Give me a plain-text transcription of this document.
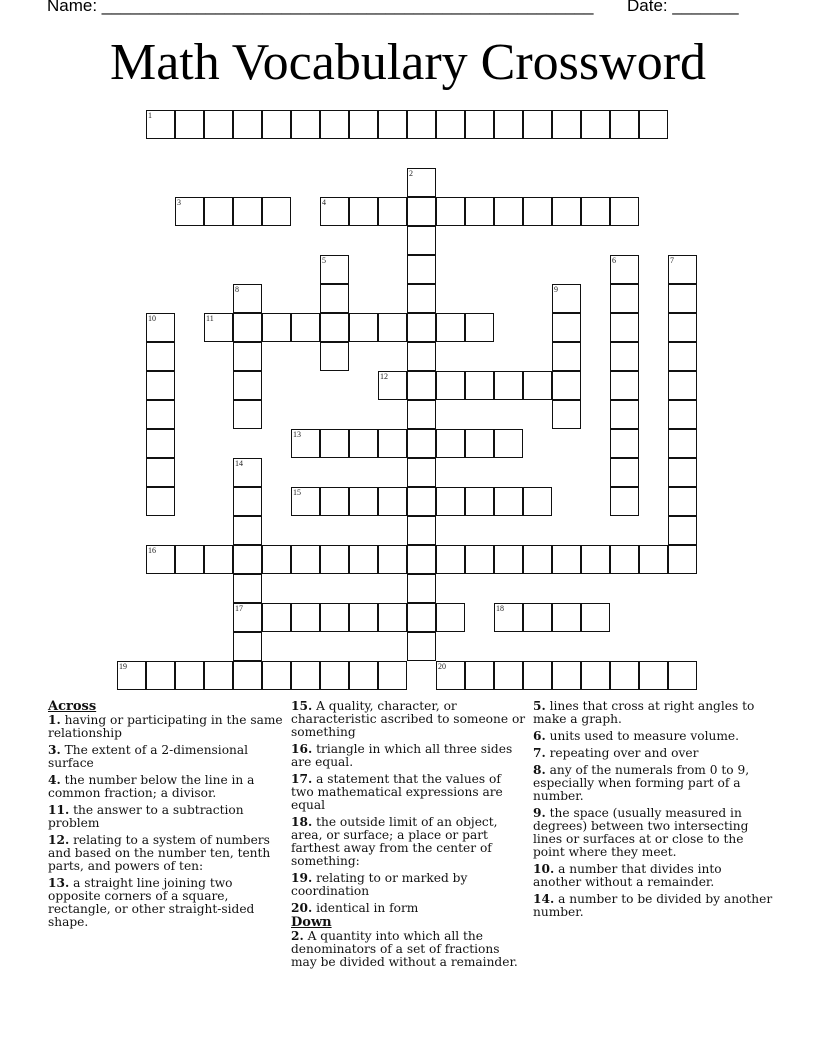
Name: ____________________________________________________ Date: _______
Math Vocabulary Crossword
1
2
3	4
5	6	7
8	9
10	11
12
13
14
17
15
16
18
19	20
Across
1. having or participating in the same relationship
3. The extent of a 2-dimensional surface
4. the number below the line in a common fraction; a divisor.
11. the answer to a subtraction problem
12. relating to a system of numbers and based on the number ten, tenth parts, and powers of ten:
13. a straight line joining two opposite corners of a square, rectangle, or other straight-sided shape.
15. A quality, character, or characteristic ascribed to someone or something
16. triangle in which all three sides are equal.
17. a statement that the values of two mathematical expressions are equal
18. the outside limit of an object, area, or surface; a place or part farthest away from the center of something:
19. relating to or marked by coordination
20. identical in form
Down
2. A quantity into which all the denominators of a set of fractions may be divided without a remainder.
5. lines that cross at right angles to make a graph.
6. units used to measure volume.
7. repeating over and over
8. any of the numerals from 0 to 9, especially when forming part of a number.
9. the space (usually measured in degrees) between two intersecting lines or surfaces at or close to the point where they meet.
10. a number that divides into another without a remainder.
14. a number to be divided by another number.
